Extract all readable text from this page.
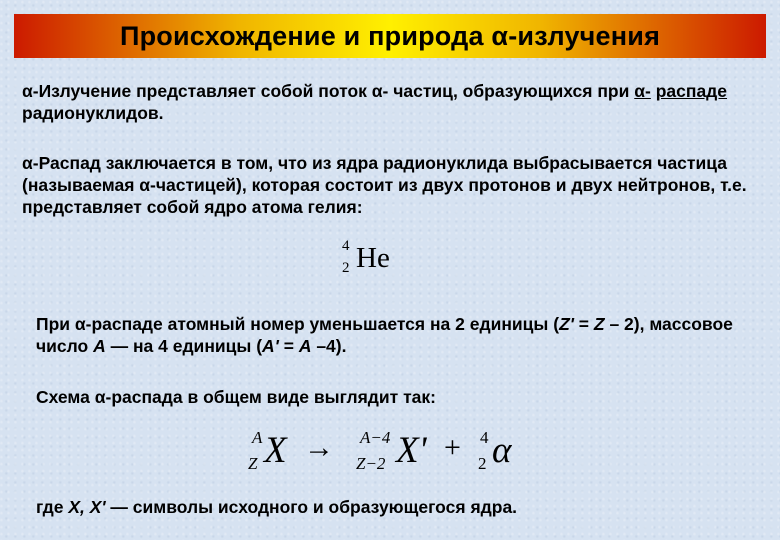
Происхождение и природа α-излучения
α‑Излучение представляет собой поток α‑ частиц, образующихся при α- распаде радионуклидов.
α-Распад заключается в том, что из ядра радионуклида выбрасывается частица (называемая α-частицей), которая состоит из двух протонов и двух нейтронов, т.е. представляет собой ядро атома гелия:
4
2 He
При α-распаде атомный номер уменьшается на 2 единицы (Z' = Z – 2), массовое число A — на 4 единицы (A' = A –4).
Схема α-распада в общем виде выглядит так:
A
Z X → A−4
Z−2 X' + 4
2 α
где X, X' — символы исходного и образующегося ядра.
